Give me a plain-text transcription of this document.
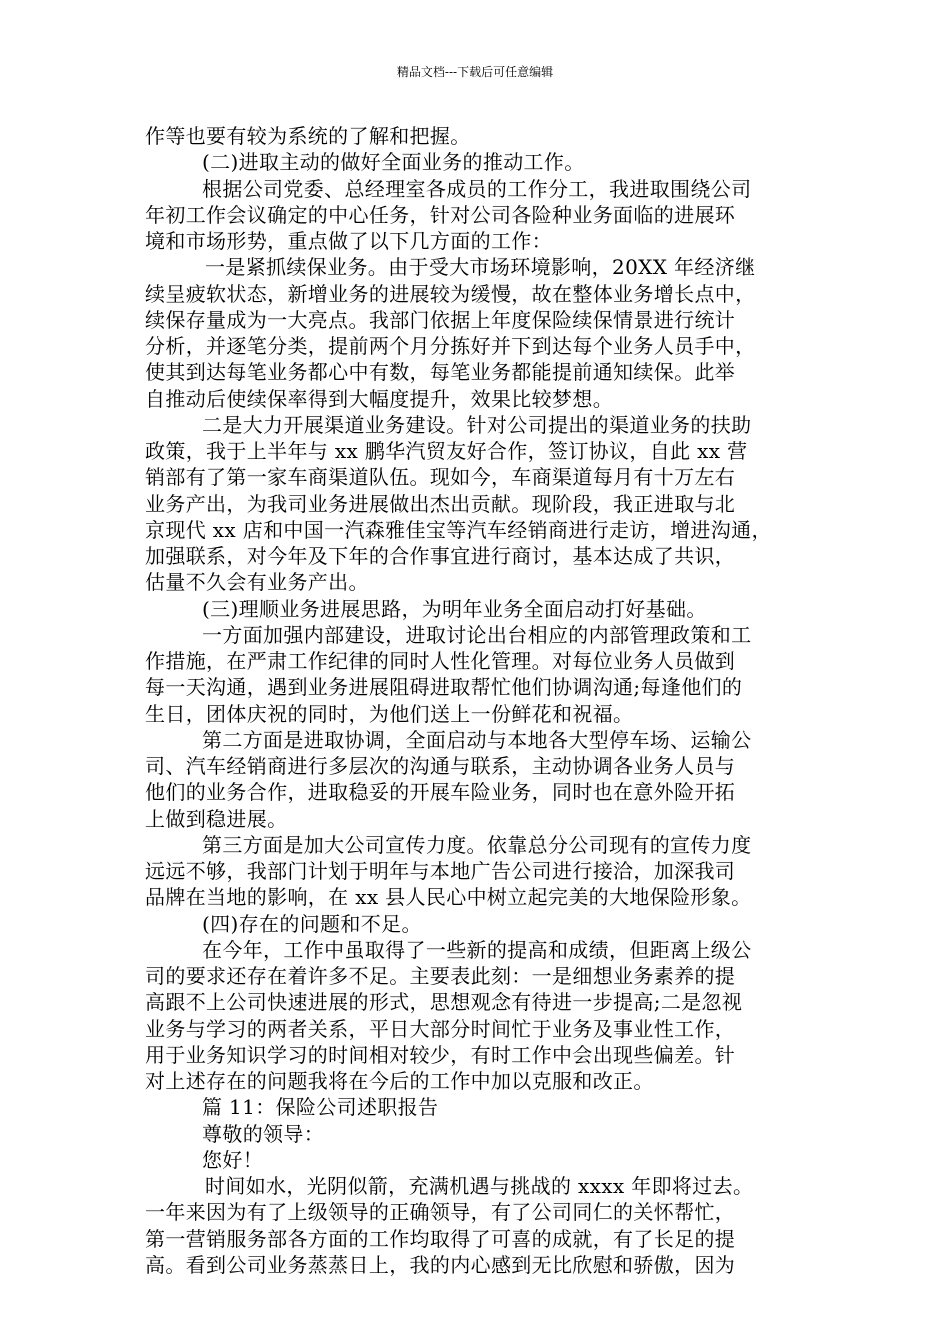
精品文档---下载后可任意编辑
作等也要有较为系统的了解和把握。
(二)进取主动的做好全面业务的推动工作。
根据公司党委、总经理室各成员的工作分工，我进取围绕公司
年初工作会议确定的中心任务，针对公司各险种业务面临的进展环
境和市场形势，重点做了以下几方面的工作：
一是紧抓续保业务。由于受大市场环境影响，20XX 年经济继
续呈疲软状态，新增业务的进展较为缓慢，故在整体业务增长点中，
续保存量成为一大亮点。我部门依据上年度保险续保情景进行统计
分析，并逐笔分类，提前两个月分拣好并下到达每个业务人员手中，
使其到达每笔业务都心中有数，每笔业务都能提前通知续保。此举
自推动后使续保率得到大幅度提升，效果比较梦想。
二是大力开展渠道业务建设。针对公司提出的渠道业务的扶助
政策，我于上半年与 xx 鹏华汽贸友好合作，签订协议，自此 xx 营
销部有了第一家车商渠道队伍。现如今，车商渠道每月有十万左右
业务产出，为我司业务进展做出杰出贡献。现阶段，我正进取与北
京现代 xx 店和中国一汽森雅佳宝等汽车经销商进行走访，增进沟通，
加强联系，对今年及下年的合作事宜进行商讨，基本达成了共识，
估量不久会有业务产出。
(三)理顺业务进展思路，为明年业务全面启动打好基础。
一方面加强内部建设，进取讨论出台相应的内部管理政策和工
作措施，在严肃工作纪律的同时人性化管理。对每位业务人员做到
每一天沟通，遇到业务进展阻碍进取帮忙他们协调沟通;每逢他们的
生日，团体庆祝的同时，为他们送上一份鲜花和祝福。
第二方面是进取协调，全面启动与本地各大型停车场、运输公
司、汽车经销商进行多层次的沟通与联系，主动协调各业务人员与
他们的业务合作，进取稳妥的开展车险业务，同时也在意外险开拓
上做到稳进展。
第三方面是加大公司宣传力度。依靠总分公司现有的宣传力度
远远不够，我部门计划于明年与本地广告公司进行接洽，加深我司
品牌在当地的影响，在 xx 县人民心中树立起完美的大地保险形象。
(四)存在的问题和不足。
在今年，工作中虽取得了一些新的提高和成绩，但距离上级公
司的要求还存在着许多不足。主要表此刻：一是细想业务素养的提
高跟不上公司快速进展的形式，思想观念有待进一步提高;二是忽视
业务与学习的两者关系，平日大部分时间忙于业务及事业性工作，
用于业务知识学习的时间相对较少，有时工作中会出现些偏差。针
对上述存在的问题我将在今后的工作中加以克服和改正。
篇 11：保险公司述职报告
尊敬的领导：
您好！
时间如水，光阴似箭，充满机遇与挑战的 xxxx 年即将过去。
一年来因为有了上级领导的正确领导，有了公司同仁的关怀帮忙，
第一营销服务部各方面的工作均取得了可喜的成就，有了长足的提
高。看到公司业务蒸蒸日上，我的内心感到无比欣慰和骄傲，因为
